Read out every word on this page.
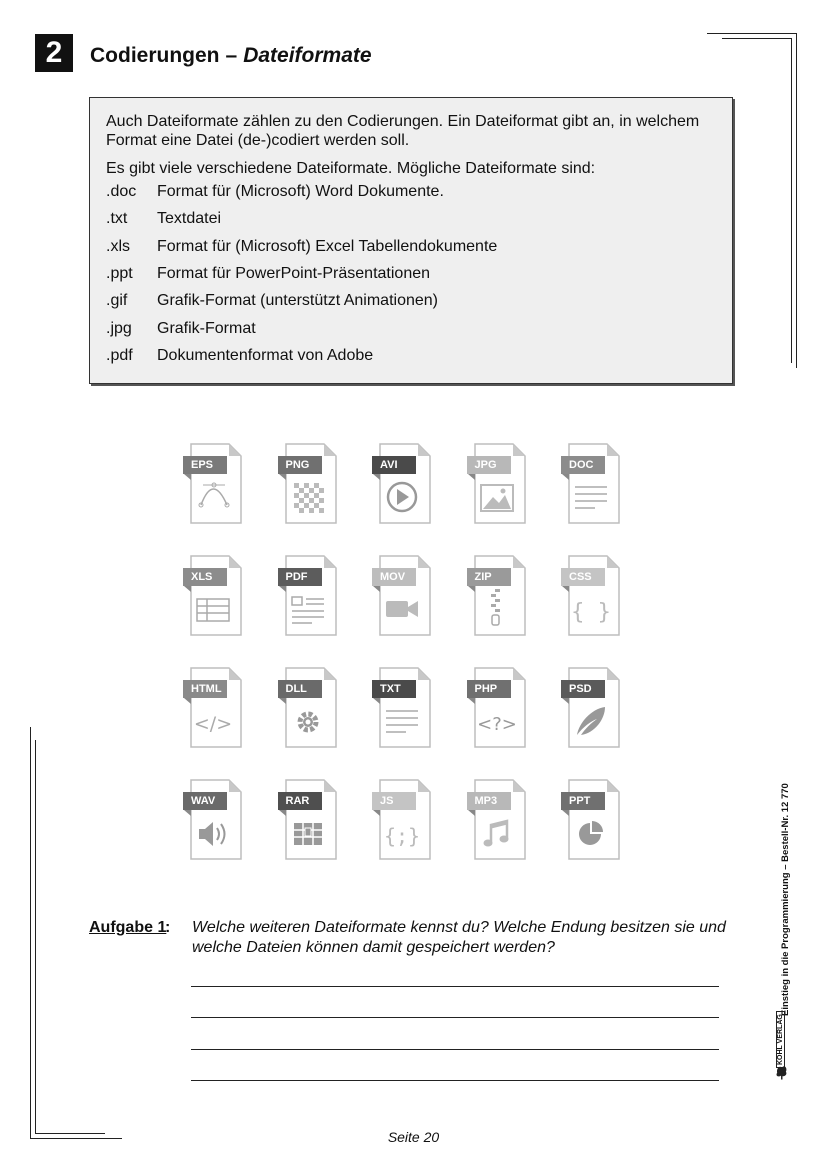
2	Codierungen – Dateiformate

Auch Dateiformate zählen zu den Codierungen. Ein Dateiformat gibt an, in welchem Format eine Datei (de-)codiert werden soll.

Es gibt viele verschiedene Dateiformate. Mögliche Dateiformate sind:

.doc	Format für (Microsoft) Word Dokumente.
.txt	Textdatei
.xls	Format für (Microsoft) Excel Tabellendokumente
.ppt	Format für PowerPoint-Präsentationen
.gif	Grafik-Format (unterstützt Animationen)
.jpg	Grafik-Format
.pdf	Dokumentenformat von Adobe
EPS	PNG	AVI	JPG	DOC
XLS	PDF	MOV	ZIP
{ }
CSS
</>
HTML	DLL	TXT
<?>
PHP	PSD
WAV	RAR
{;}
JS	MP3	PPT
Aufgabe 1
: Welche weiteren Dateiformate kennst du? Welche Endung besitzen sie und welche Dateien können damit gespeichert werden?
Seite 20
Einstieg in die Programmierung – Bestell-Nr. 12 770
KOHL VERLAG
